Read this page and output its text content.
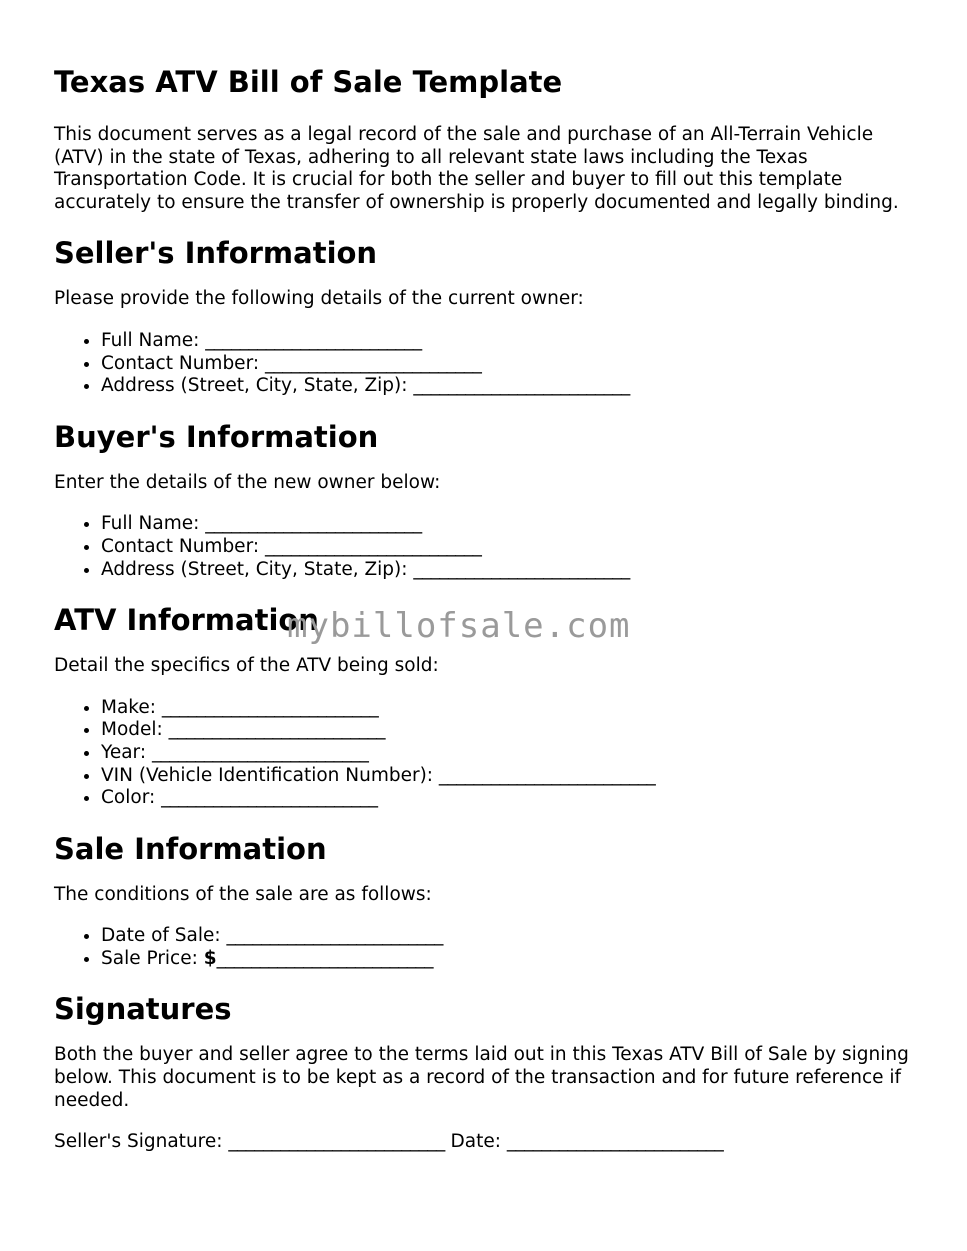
Texas ATV Bill of Sale Template

This document serves as a legal record of the sale and purchase of an All-Terrain Vehicle (ATV) in the state of Texas, adhering to all relevant state laws including the Texas Transportation Code. It is crucial for both the seller and buyer to fill out this template accurately to ensure the transfer of ownership is properly documented and legally binding.

Seller's Information

Please provide the following details of the current owner:

• Full Name: _________________________
• Contact Number: _________________________
• Address (Street, City, State, Zip): _________________________
Buyer's Information

Enter the details of the new owner below:

• Full Name: _________________________
• Contact Number: _________________________
• Address (Street, City, State, Zip): _________________________
ATV Information

Detail the specifics of the ATV being sold:

• Make: _________________________
• Model: _________________________
• Year: _________________________
• VIN (Vehicle Identification Number): _________________________
• Color: _________________________
Sale Information

The conditions of the sale are as follows:

• Date of Sale: _________________________
• Sale Price: $_________________________
Signatures

Both the buyer and seller agree to the terms laid out in this Texas ATV Bill of Sale by signing below. This document is to be kept as a record of the transaction and for future reference if needed.

Seller's Signature: _________________________ Date: _________________________
mybillofsale.com
